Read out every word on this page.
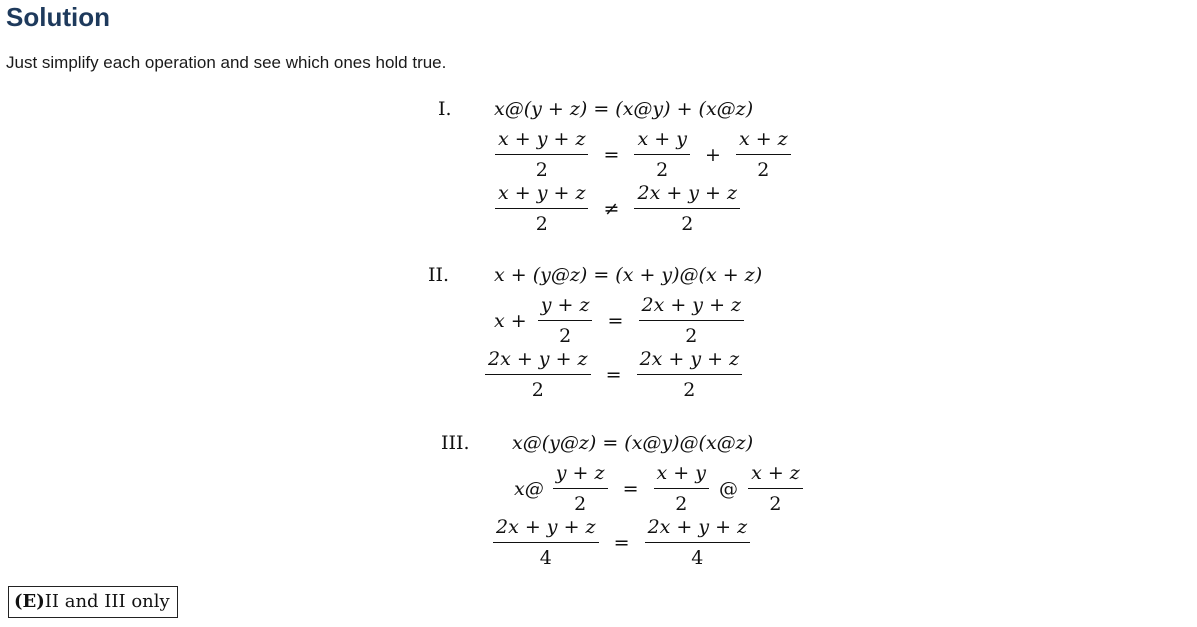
Solution

Just simplify each operation and see which ones hold true.

I. x@(y + z) = (x@y) + (x@z)
$\frac{x + y + z}{2} = \frac{x + y}{2} + \frac{x + z}{2}$
$\frac{x + y + z}{2} \ne \frac{2x + y + z}{2}$
II. x + (y@z) = (x + y)@(x + z)
$x + \frac{y + z}{2} = \frac{2x + y + z}{2}$
$\frac{2x + y + z}{2} = \frac{2x + y + z}{2}$
III. x@(y@z) = (x@y)@(x@z)
x@ $\frac{y + z}{2} = \frac{x + y}{2}$ @ $\frac{x + z}{2}$
$\frac{2x + y + z}{4} = \frac{2x + y + z}{4}$
(E)II and III only
